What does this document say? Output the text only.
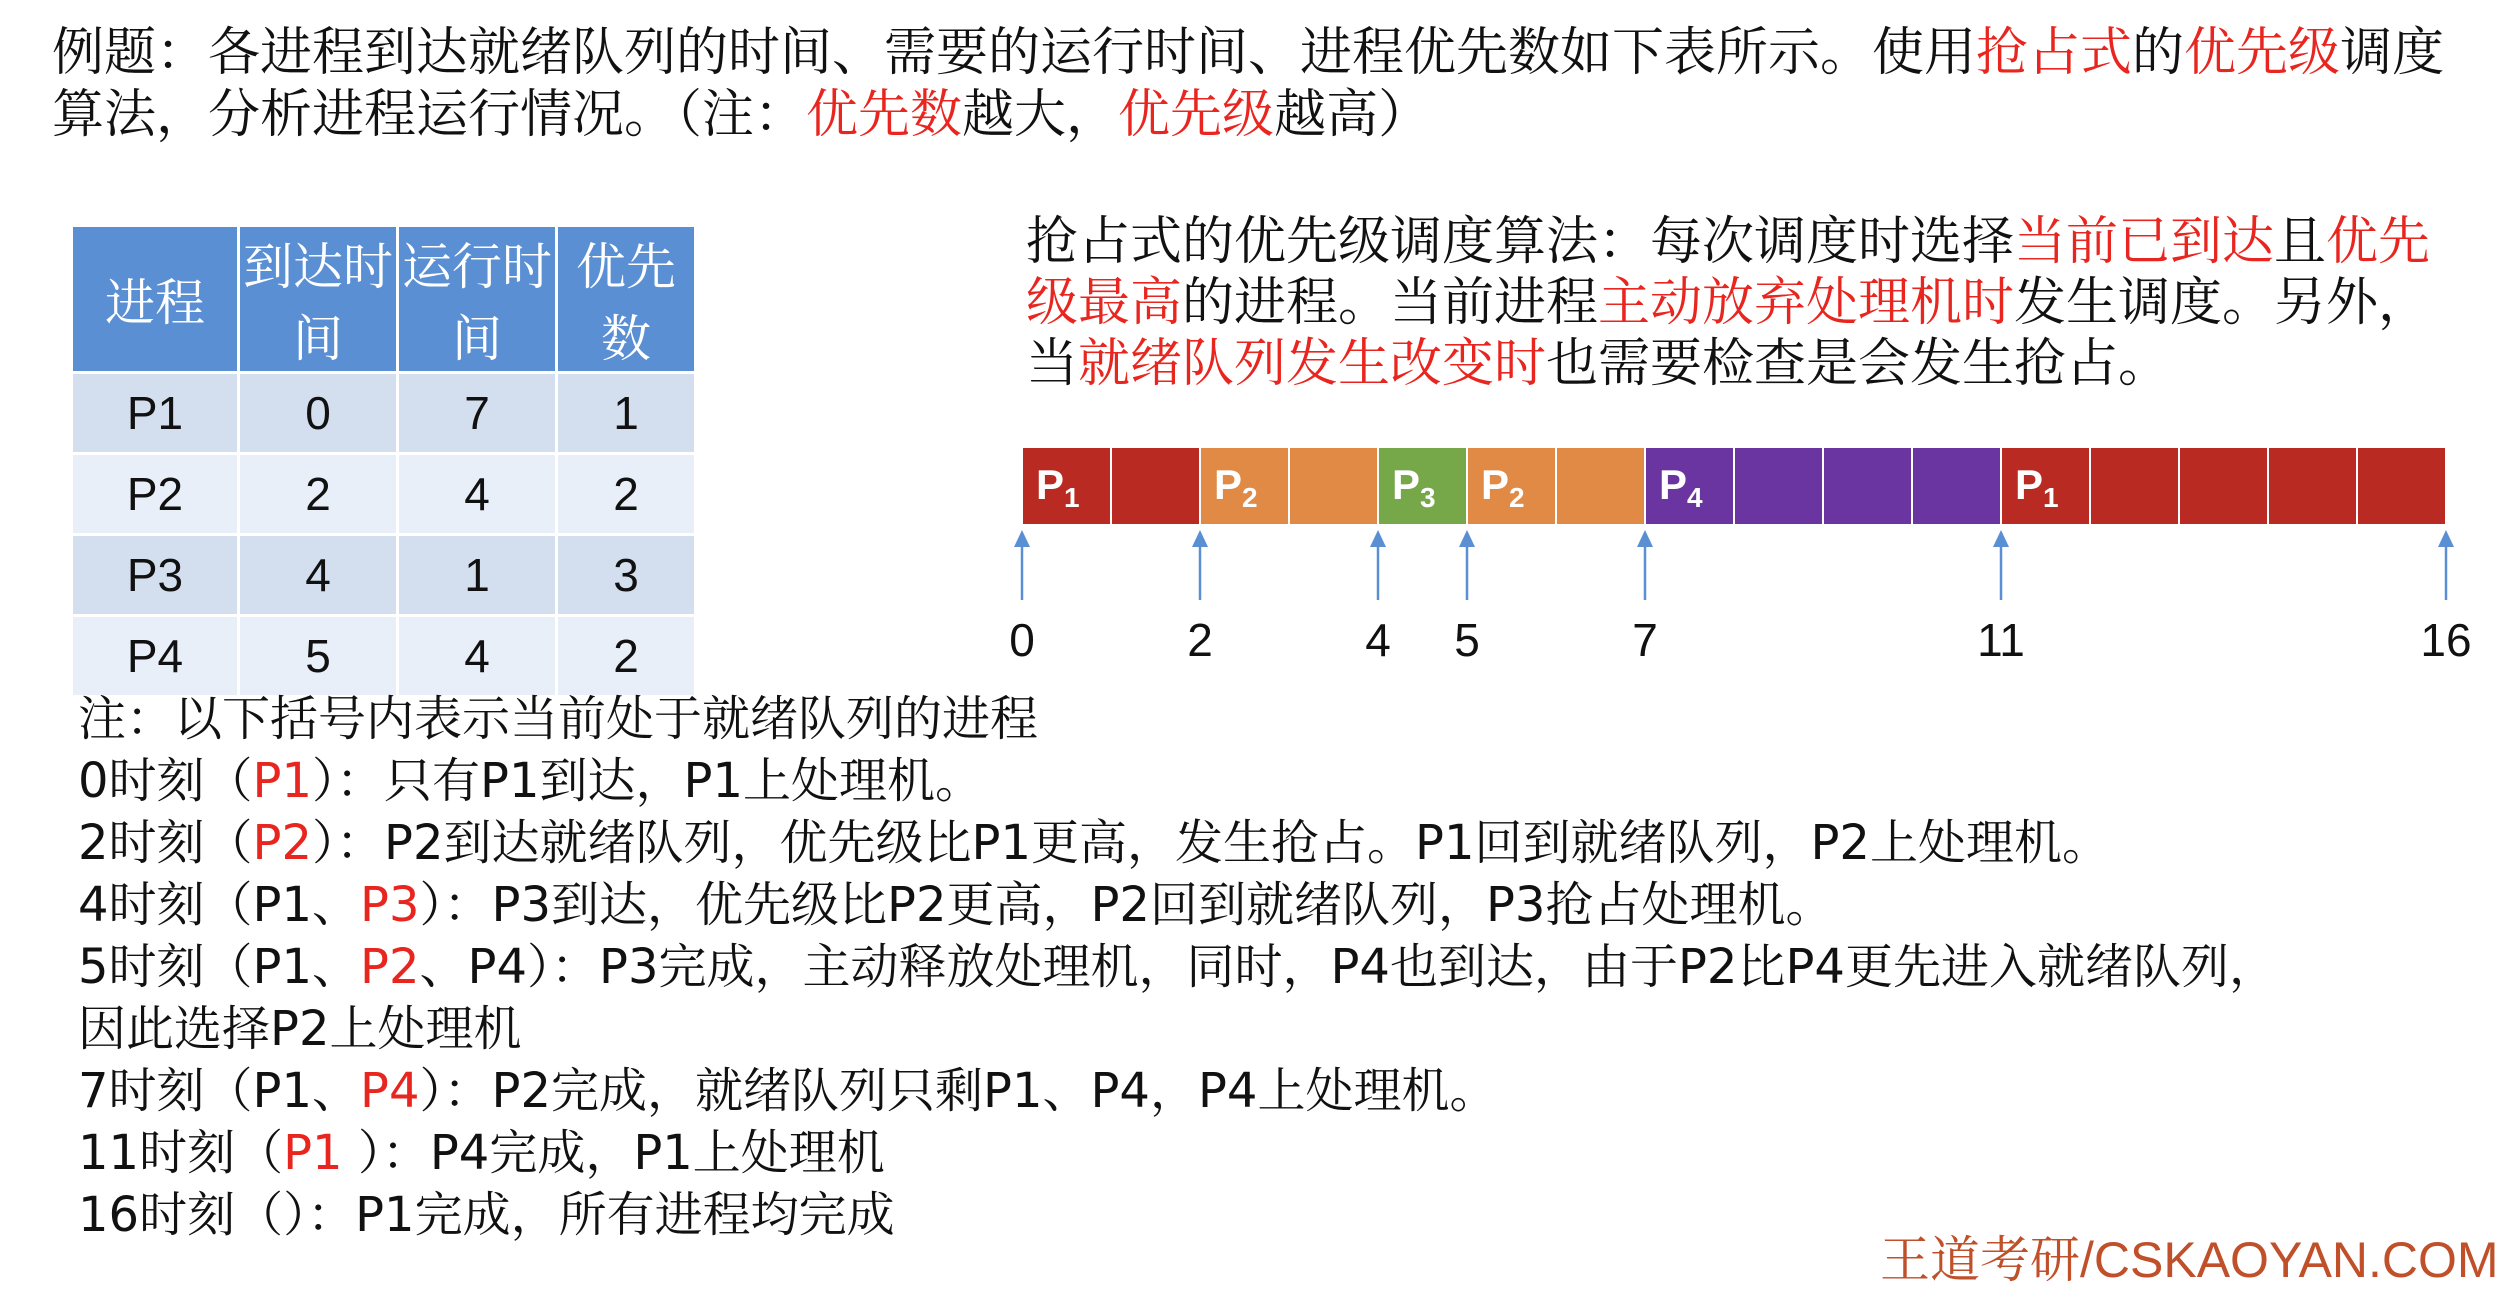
例题：各进程到达就绪队列的时间、需要的运行时间、进程优先数如下表所示。使用抢占式的优先级调度算法，分析进程运行情况。（注：优先数越大，优先级越高）

进程	到达时间	运行时间	优先数
P1	0	7	1
P2	2	4	2
P3	4	1	3
P4	5	4	2

抢占式的优先级调度算法：每次调度时选择当前已到达且优先级最高的进程。当前进程主动放弃处理机时发生调度。另外，当就绪队列发生改变时也需要检查是会发生抢占。

P1	P2	P3 P2	P4	P1
0	2	4 5	7	11	16
注：以下括号内表示当前处于就绪队列的进程
0时刻（P1）：只有P1到达，P1上处理机。
2时刻（P2）：P2到达就绪队列，优先级比P1更高，发生抢占。P1回到就绪队列，P2上处理机。
4时刻（P1、P3）：P3到达，优先级比P2更高，P2回到就绪队列，P3抢占处理机。
5时刻（P1、P2、P4）：P3完成，主动释放处理机，同时，P4也到达，由于P2比P4更先进入就绪队列，
因此选择P2上处理机
7时刻（P1、P4）：P2完成，就绪队列只剩P1、P4，P4上处理机。
11时刻（P1 ）：P4完成，P1上处理机
16时刻（）：P1完成，所有进程均完成
王道考研/CSKAOYAN.COM
